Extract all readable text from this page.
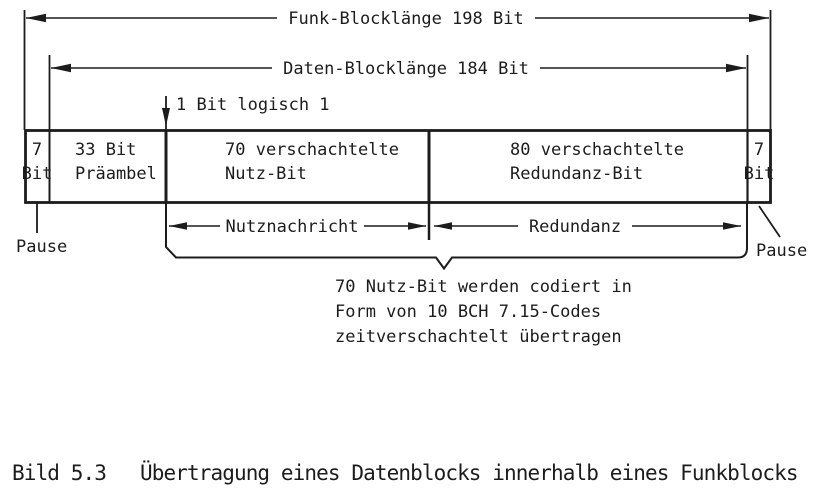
Funk-Blocklänge 198 Bit
Daten-Blocklänge 184 Bit
1 Bit logisch 1
7
Bit
33 Bit
Präambel
70 verschachtelte
Nutz-Bit
80 verschachtelte
Redundanz-Bit
7
Bit
Pause	Pause
Nutznachricht	Redundanz
70 Nutz-Bit werden codiert in
Form von 10 BCH 7.15-Codes
zeitverschachtelt übertragen
Bild 5.3 Übertragung eines Datenblocks innerhalb eines Funkblocks
